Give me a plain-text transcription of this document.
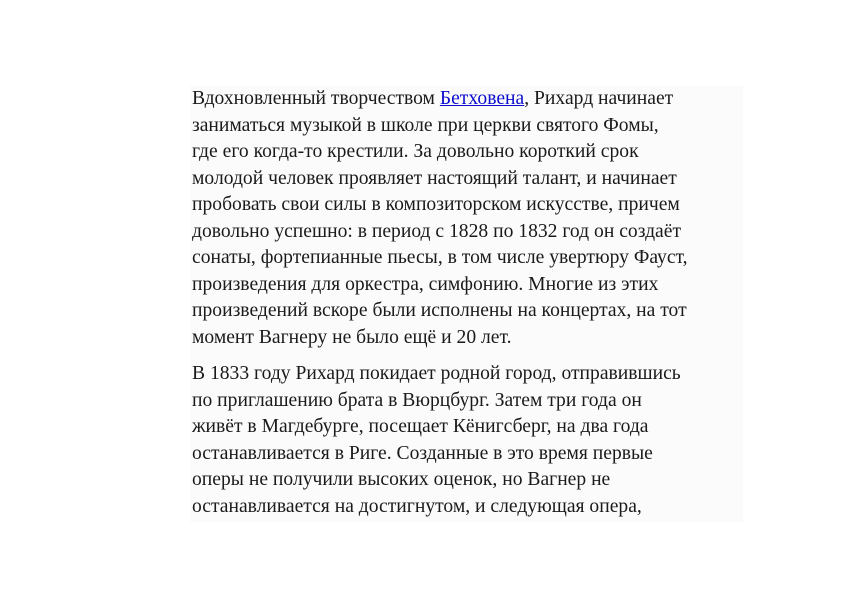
Вдохновленный творчеством Бетховена, Рихард начинает
заниматься музыкой в школе при церкви святого Фомы,
где его когда-то крестили. За довольно короткий срок
молодой человек проявляет настоящий талант, и начинает
пробовать свои силы в композиторском искусстве, причем
довольно успешно: в период с 1828 по 1832 год он создаёт
сонаты, фортепианные пьесы, в том числе увертюру Фауст,
произведения для оркестра, симфонию. Многие из этих
произведений вскоре были исполнены на концертах, на тот
момент Вагнеру не было ещё и 20 лет.

В 1833 году Рихард покидает родной город, отправившись
по приглашению брата в Вюрцбург. Затем три года он
живёт в Магдебурге, посещает Кёнигсберг, на два года
останавливается в Риге. Созданные в это время первые
оперы не получили высоких оценок, но Вагнер не
останавливается на достигнутом, и следующая опера,
